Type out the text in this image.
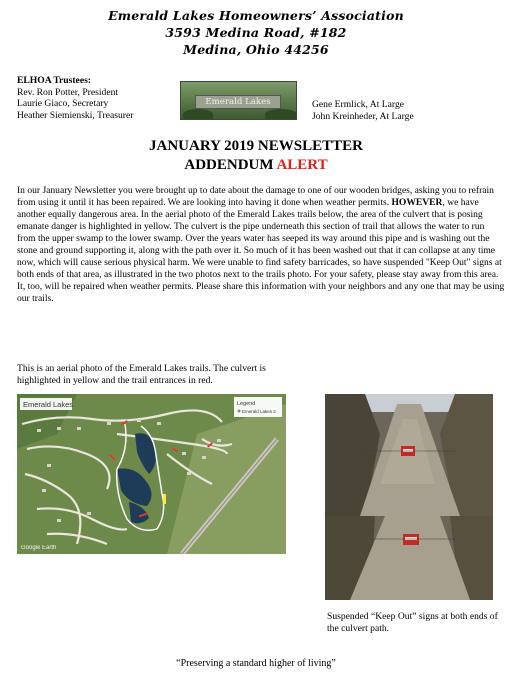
Emerald Lakes Homeowners’ Association
3593 Medina Road, #182
Medina, Ohio 44256
ELHOA Trustees:
Rev. Ron Potter, President
Laurie Giaco, Secretary
Heather Siemienski, Treasurer
Gene Ermlick, At Large
John Kreinheder, At Large
Emerald Lakes
JANUARY 2019 NEWSLETTER
ADDENDUM ALERT
In our January Newsletter you were brought up to date about the damage to one of our wooden bridges, asking you to refrain from using it until it has been repaired. We are looking into having it done when weather permits. HOWEVER, we have another equally dangerous area. In the aerial photo of the Emerald Lakes trails below, the area of the culvert that is posing emanate danger is highlighted in yellow. The culvert is the pipe underneath this section of trail that allows the water to run from the upper swamp to the lower swamp. Over the years water has seeped its way around this pipe and is washing out the stone and ground supporting it, along with the path over it. So much of it has been washed out that it can collapse at any time now, which will cause serious physical harm. We were unable to find safety barricades, so have suspended "Keep Out" signs at both ends of that area, as illustrated in the two photos next to the trails photo. For your safety, please stay away from this area. It, too, will be repaired when weather permits. Please share this information with your neighbors and any one that may be using our trails.
This is an aerial photo of the Emerald Lakes trails. The culvert is highlighted in yellow and the trail entrances in red.
Emerald Lakes	Legend
Emerald Lakes 2
Google Earth
Suspended “Keep Out” signs at both ends of the culvert path.
“Preserving a standard higher of living”
